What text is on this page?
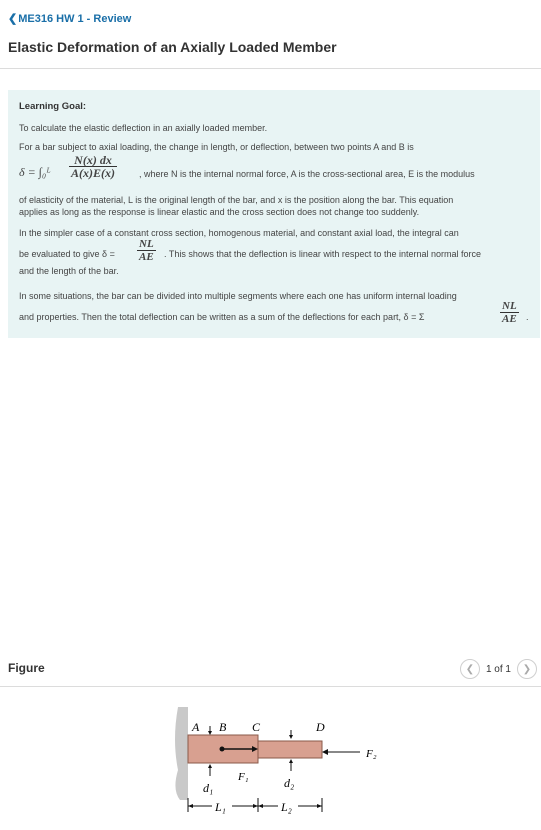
❮ME316 HW 1 - Review
Elastic Deformation of an Axially Loaded Member

Learning Goal:

To calculate the elastic deflection in an axially loaded member.

For a bar subject to axial loading, the change in length, or deflection, between two points A and B is

δ = ∫₀ᴸ $\frac{N(x) dx}{A(x)E(x)}$ , where N is the internal normal force, A is the cross-sectional area, E is the modulus

of elasticity of the material, L is the original length of the bar, and x is the position along the bar. This equation

applies as long as the response is linear elastic and the cross section does not change too suddenly.

In the simpler case of a constant cross section, homogenous material, and constant axial load, the integral can

be evaluated to give $\delta = \frac{NL}{AE}$ . This shows that the deflection is linear with respect to the internal normal force

and the length of the bar.

In some situations, the bar can be divided into multiple segments where each one has uniform internal loading

and properties. Then the total deflection can be written as a sum of the deflections for each part, δ = Σ	$\frac{NL}{AE}$ .
Figure	❮ 1 of 1 ❯
A B C	D
F₂
F₁
d₁	d₂
L₁	L₂
